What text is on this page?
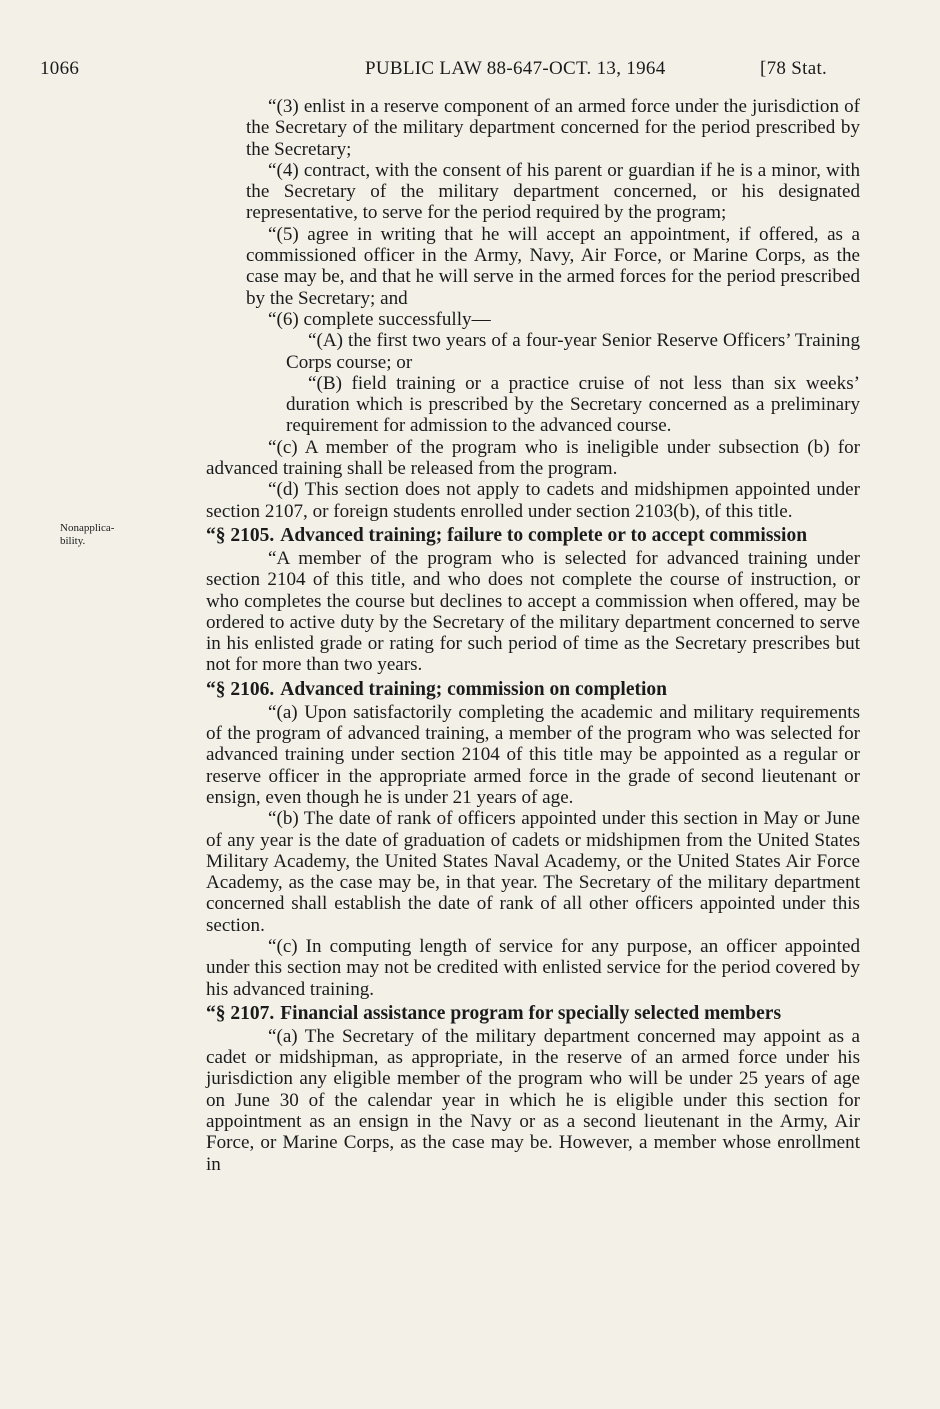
1066	PUBLIC LAW 88-647-OCT. 13, 1964	[78 Stat.
Nonapplica-
bility.

“(3) enlist in a reserve component of an armed force under the jurisdiction of the Secretary of the military department concerned for the period prescribed by the Secretary;

“(4) contract, with the consent of his parent or guardian if he is a minor, with the Secretary of the military department concerned, or his designated representative, to serve for the period required by the program;

“(5) agree in writing that he will accept an appointment, if offered, as a commissioned officer in the Army, Navy, Air Force, or Marine Corps, as the case may be, and that he will serve in the armed forces for the period prescribed by the Secretary; and

“(6) complete successfully—

“(A) the first two years of a four-year Senior Reserve Officers’ Training Corps course; or

“(B) field training or a practice cruise of not less than six weeks’ duration which is prescribed by the Secretary concerned as a preliminary requirement for admission to the advanced course.

“(c) A member of the program who is ineligible under subsection (b) for advanced training shall be released from the program.

“(d) This section does not apply to cadets and midshipmen appointed under section 2107, or foreign students enrolled under section 2103(b), of this title.

“§ 2105. Advanced training; failure to complete or to accept commission

“A member of the program who is selected for advanced training under section 2104 of this title, and who does not complete the course of instruction, or who completes the course but declines to accept a commission when offered, may be ordered to active duty by the Secretary of the military department concerned to serve in his enlisted grade or rating for such period of time as the Secretary prescribes but not for more than two years.

“§ 2106. Advanced training; commission on completion

“(a) Upon satisfactorily completing the academic and military requirements of the program of advanced training, a member of the program who was selected for advanced training under section 2104 of this title may be appointed as a regular or reserve officer in the appropriate armed force in the grade of second lieutenant or ensign, even though he is under 21 years of age.

“(b) The date of rank of officers appointed under this section in May or June of any year is the date of graduation of cadets or midshipmen from the United States Military Academy, the United States Naval Academy, or the United States Air Force Academy, as the case may be, in that year. The Secretary of the military department concerned shall establish the date of rank of all other officers appointed under this section.

“(c) In computing length of service for any purpose, an officer appointed under this section may not be credited with enlisted service for the period covered by his advanced training.

“§ 2107. Financial assistance program for specially selected members

“(a) The Secretary of the military department concerned may appoint as a cadet or midshipman, as appropriate, in the reserve of an armed force under his jurisdiction any eligible member of the program who will be under 25 years of age on June 30 of the calendar year in which he is eligible under this section for appointment as an ensign in the Navy or as a second lieutenant in the Army, Air Force, or Marine Corps, as the case may be. However, a member whose enrollment in
